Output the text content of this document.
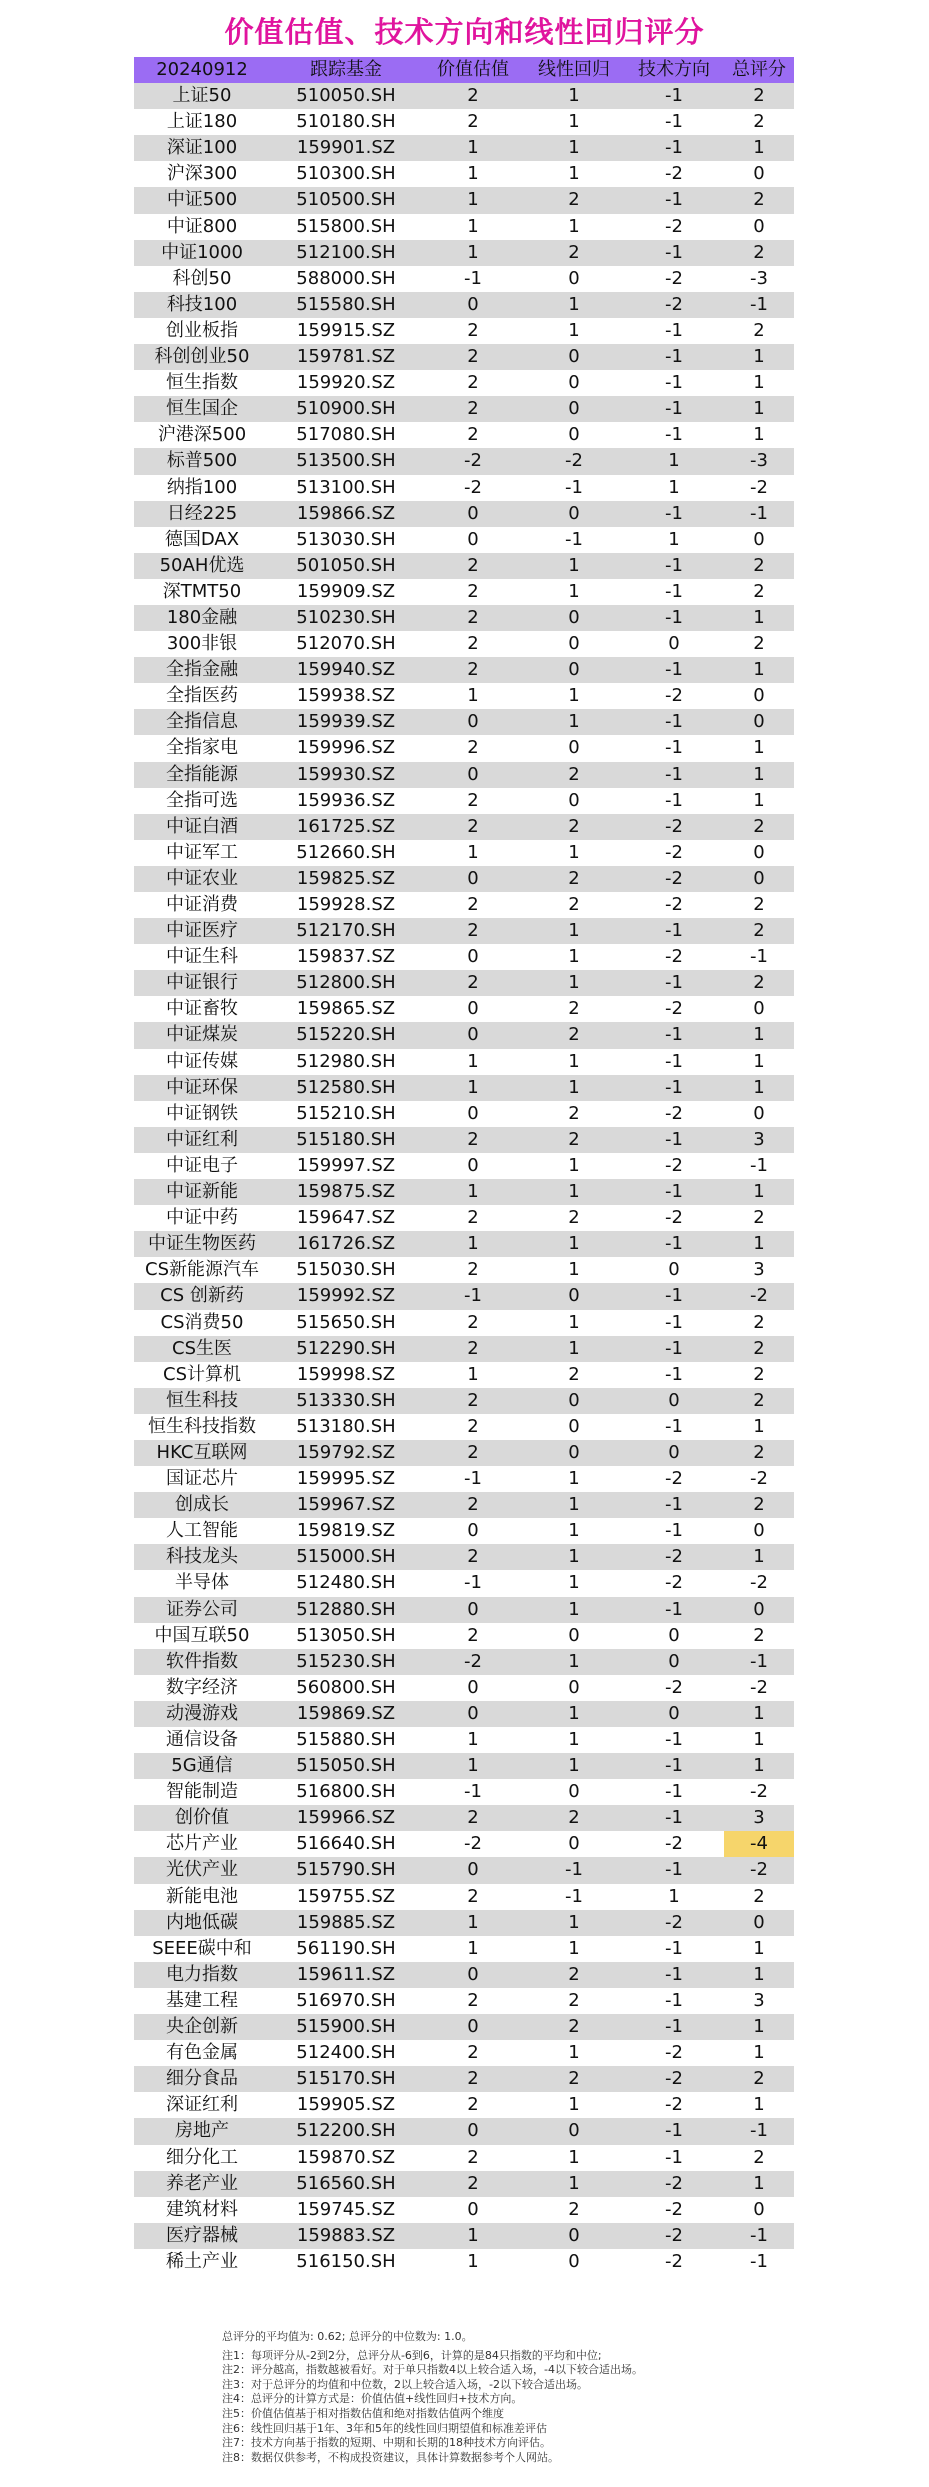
价值估值、技术方向和线性回归评分
20240912	跟踪基金	价值估值	线性回归	技术方向	总评分
上证50	510050.SH	2	1	-1	2
上证180	510180.SH	2	1	-1	2
深证100	159901.SZ	1	1	-1	1
沪深300	510300.SH	1	1	-2	0
中证500	510500.SH	1	2	-1	2
中证800	515800.SH	1	1	-2	0
中证1000	512100.SH	1	2	-1	2
科创50	588000.SH	-1	0	-2	-3
科技100	515580.SH	0	1	-2	-1
创业板指	159915.SZ	2	1	-1	2
科创创业50	159781.SZ	2	0	-1	1
恒生指数	159920.SZ	2	0	-1	1
恒生国企	510900.SH	2	0	-1	1
沪港深500	517080.SH	2	0	-1	1
标普500	513500.SH	-2	-2	1	-3
纳指100	513100.SH	-2	-1	1	-2
日经225	159866.SZ	0	0	-1	-1
德国DAX	513030.SH	0	-1	1	0
50AH优选	501050.SH	2	1	-1	2
深TMT50	159909.SZ	2	1	-1	2
180金融	510230.SH	2	0	-1	1
300非银	512070.SH	2	0	0	2
全指金融	159940.SZ	2	0	-1	1
全指医药	159938.SZ	1	1	-2	0
全指信息	159939.SZ	0	1	-1	0
全指家电	159996.SZ	2	0	-1	1
全指能源	159930.SZ	0	2	-1	1
全指可选	159936.SZ	2	0	-1	1
中证白酒	161725.SZ	2	2	-2	2
中证军工	512660.SH	1	1	-2	0
中证农业	159825.SZ	0	2	-2	0
中证消费	159928.SZ	2	2	-2	2
中证医疗	512170.SH	2	1	-1	2
中证生科	159837.SZ	0	1	-2	-1
中证银行	512800.SH	2	1	-1	2
中证畜牧	159865.SZ	0	2	-2	0
中证煤炭	515220.SH	0	2	-1	1
中证传媒	512980.SH	1	1	-1	1
中证环保	512580.SH	1	1	-1	1
中证钢铁	515210.SH	0	2	-2	0
中证红利	515180.SH	2	2	-1	3
中证电子	159997.SZ	0	1	-2	-1
中证新能	159875.SZ	1	1	-1	1
中证中药	159647.SZ	2	2	-2	2
中证生物医药	161726.SZ	1	1	-1	1
CS新能源汽车	515030.SH	2	1	0	3
CS 创新药	159992.SZ	-1	0	-1	-2
CS消费50	515650.SH	2	1	-1	2
CS生医	512290.SH	2	1	-1	2
CS计算机	159998.SZ	1	2	-1	2
恒生科技	513330.SH	2	0	0	2
恒生科技指数	513180.SH	2	0	-1	1
HKC互联网	159792.SZ	2	0	0	2
国证芯片	159995.SZ	-1	1	-2	-2
创成长	159967.SZ	2	1	-1	2
人工智能	159819.SZ	0	1	-1	0
科技龙头	515000.SH	2	1	-2	1
半导体	512480.SH	-1	1	-2	-2
证券公司	512880.SH	0	1	-1	0
中国互联50	513050.SH	2	0	0	2
软件指数	515230.SH	-2	1	0	-1
数字经济	560800.SH	0	0	-2	-2
动漫游戏	159869.SZ	0	1	0	1
通信设备	515880.SH	1	1	-1	1
5G通信	515050.SH	1	1	-1	1
智能制造	516800.SH	-1	0	-1	-2
创价值	159966.SZ	2	2	-1	3
芯片产业	516640.SH	-2	0	-2	-4
光伏产业	515790.SH	0	-1	-1	-2
新能电池	159755.SZ	2	-1	1	2
内地低碳	159885.SZ	1	1	-2	0
SEEE碳中和	561190.SH	1	1	-1	1
电力指数	159611.SZ	0	2	-1	1
基建工程	516970.SH	2	2	-1	3
央企创新	515900.SH	0	2	-1	1
有色金属	512400.SH	2	1	-2	1
细分食品	515170.SH	2	2	-2	2
深证红利	159905.SZ	2	1	-2	1
房地产	512200.SH	0	0	-1	-1
细分化工	159870.SZ	2	1	-1	2
养老产业	516560.SH	2	1	-2	1
建筑材料	159745.SZ	0	2	-2	0
医疗器械	159883.SZ	1	0	-2	-1
稀土产业	516150.SH	1	0	-2	-1
总评分的平均值为: 0.62; 总评分的中位数为: 1.0。
注1：每项评分从-2到2分，总评分从-6到6，计算的是84只指数的平均和中位;
注2：评分越高，指数越被看好。对于单只指数4以上较合适入场，-4以下较合适出场。
注3：对于总评分的均值和中位数，2以上较合适入场，-2以下较合适出场。
注4：总评分的计算方式是：价值估值+线性回归+技术方向。
注5：价值估值基于相对指数估值和绝对指数估值两个维度
注6：线性回归基于1年、3年和5年的线性回归期望值和标准差评估
注7：技术方向基于指数的短期、中期和长期的18种技术方向评估。
注8：数据仅供参考，不构成投资建议，具体计算数据参考个人网站。
